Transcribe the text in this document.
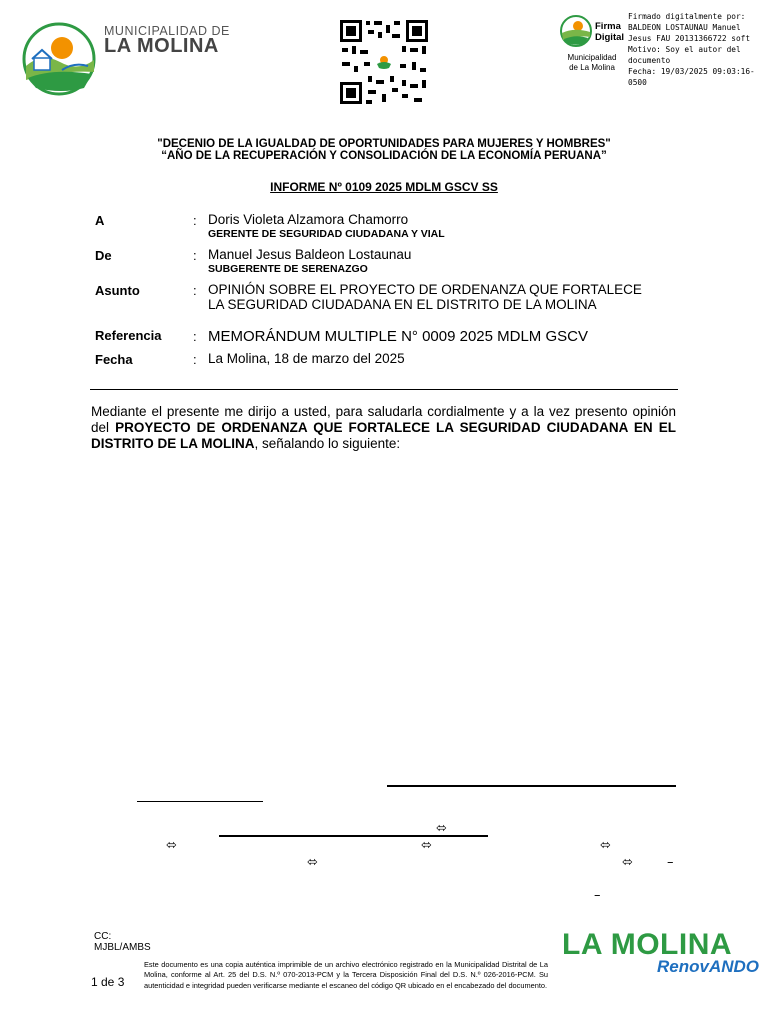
MUNICIPALIDAD DE
LA MOLINA
Firma
Digital
Municipalidad
de La Molina
Firmado digitalmente por:
BALDEON LOSTAUNAU Manuel
Jesus FAU 20131366722 soft
Motivo: Soy el autor del
documento
Fecha: 19/03/2025 09:03:16-0500
"DECENIO DE LA IGUALDAD DE OPORTUNIDADES PARA MUJERES Y HOMBRES"
“AÑO DE LA RECUPERACIÓN Y CONSOLIDACIÓN DE LA ECONOMÍA PERUANA”
INFORME Nº 0109 2025 MDLM GSCV SS
A	: Doris Violeta Alzamora Chamorro
GERENTE DE SEGURIDAD CIUDADANA Y VIAL
De	: Manuel Jesus Baldeon Lostaunau
SUBGERENTE DE SERENAZGO
Asunto	: OPINIÓN SOBRE EL PROYECTO DE ORDENANZA QUE FORTALECE
LA SEGURIDAD CIUDADANA EN EL DISTRITO DE LA MOLINA
Referencia : MEMORÁNDUM MULTIPLE N° 0009 2025 MDLM GSCV
Fecha	: La Molina, 18 de marzo del 2025
Mediante el presente me dirijo a usted, para saludarla cordialmente y a la vez presento opinión del PROYECTO DE ORDENANZA QUE FORTALECE LA SEGURIDAD CIUDADANA EN EL DISTRITO DE LA MOLINA, señalando lo siguiente:
⬄
⬄	⬄	⬄
⬄	⬄	–
–
CC:
MJBL/AMBS
1 de 3
Este documento es una copia auténtica imprimible de un archivo electrónico registrado en la Municipalidad Distrital de La Molina, conforme al Art. 25 del D.S. N.º 070-2013-PCM y la Tercera Disposición Final del D.S. N.º 026-2016-PCM. Su autenticidad e integridad pueden verificarse mediante el escaneo del código QR ubicado en el encabezado del documento.
LA MOLINA
RenovANDO
